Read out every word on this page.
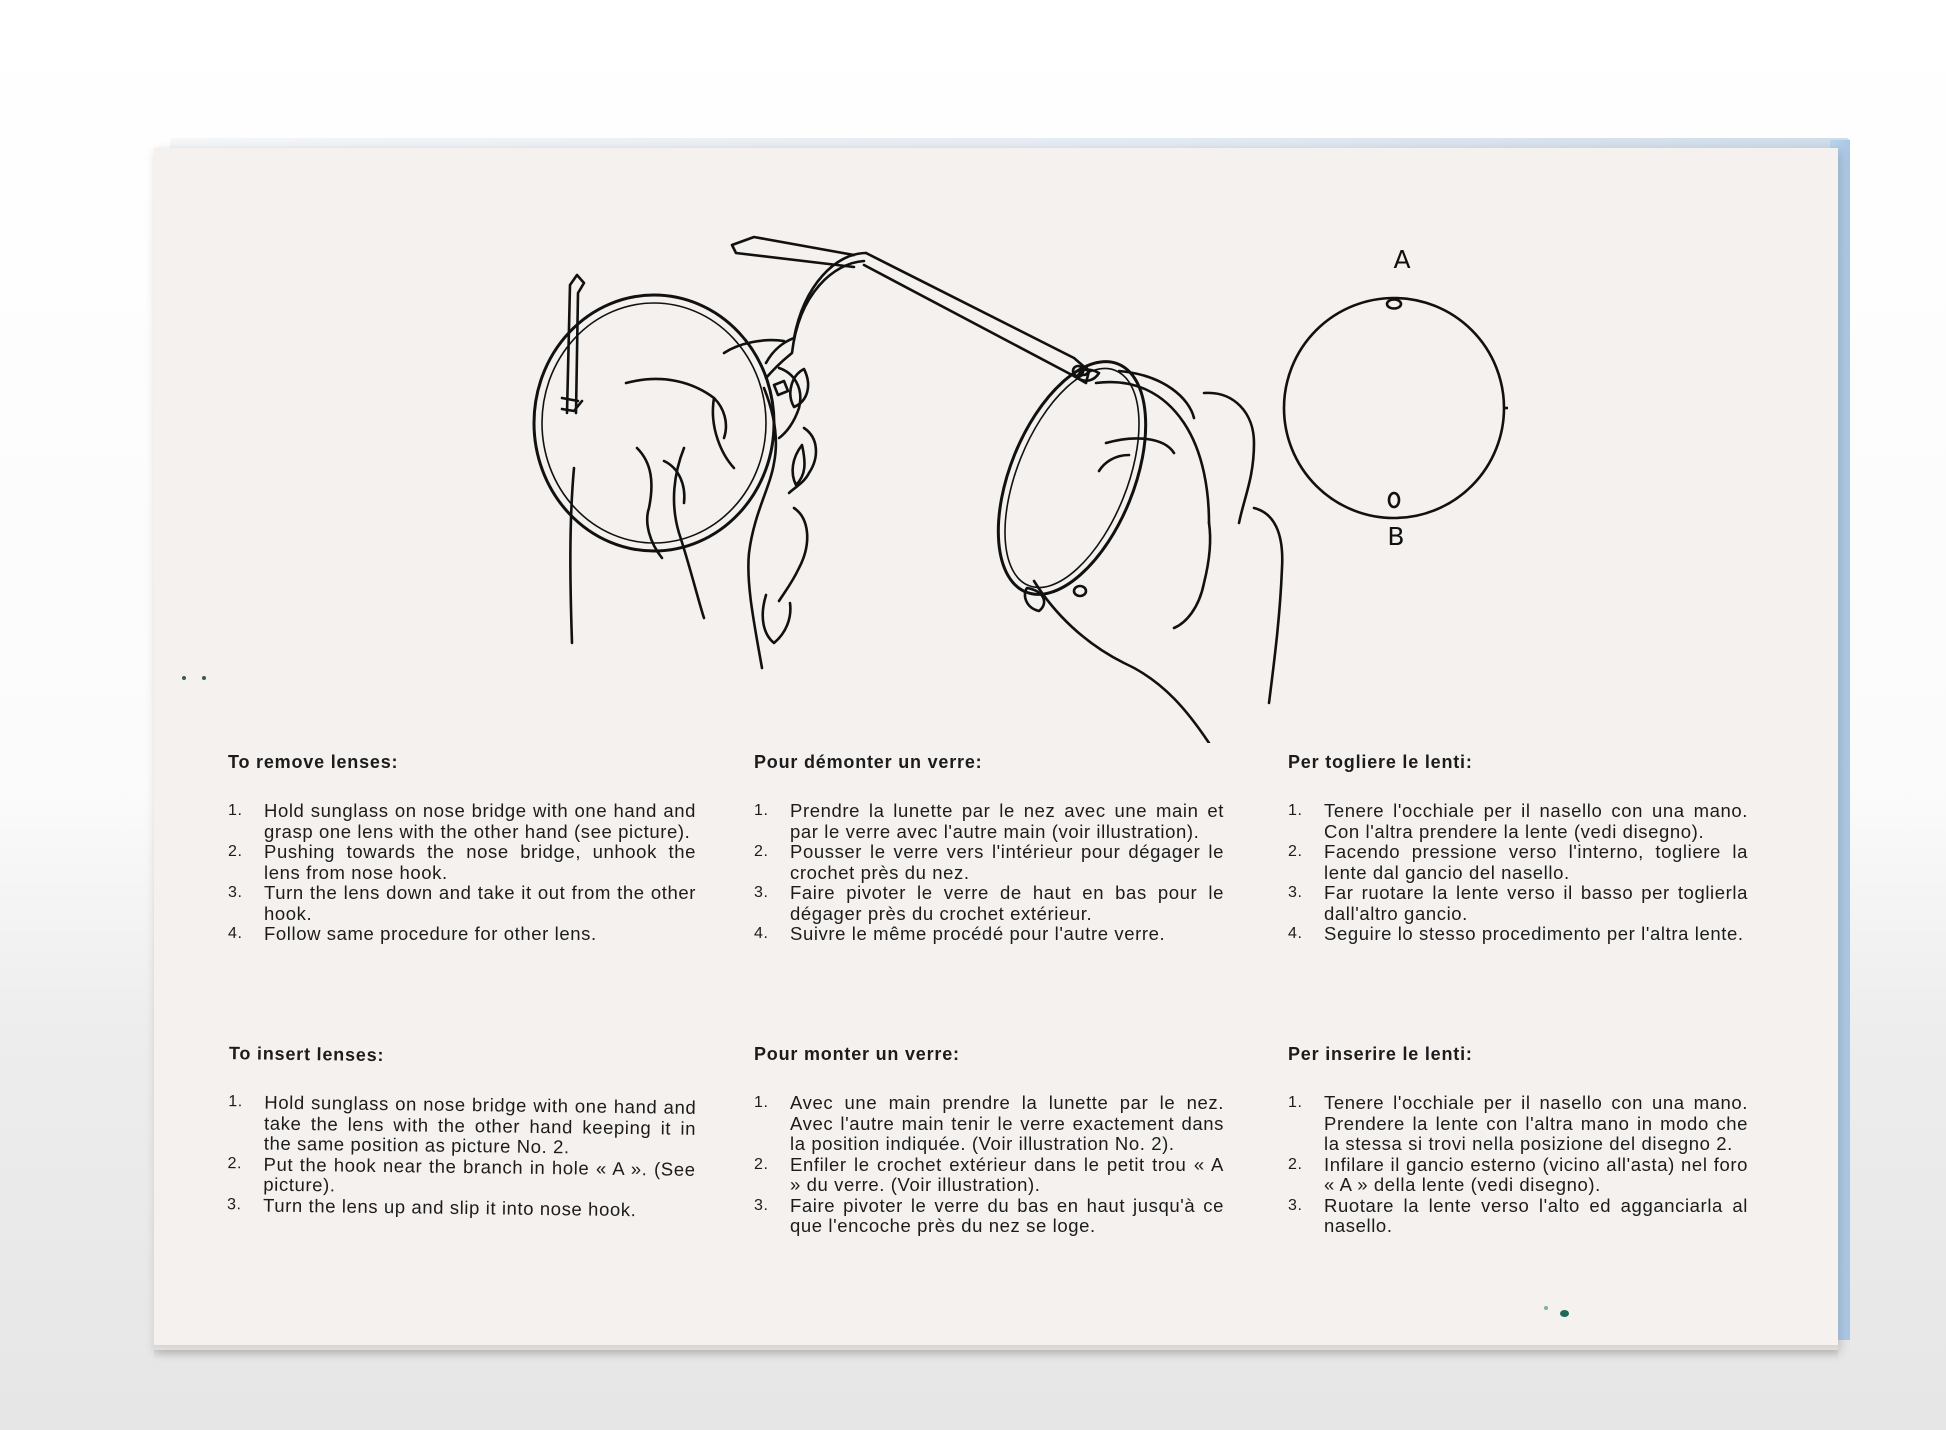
A
B
To remove lenses:
1.	Hold sunglass on nose bridge with one hand and grasp one lens with the other hand (see picture).
2.	Pushing towards the nose bridge, unhook the lens from nose hook.
3.	Turn the lens down and take it out from the other hook.
4.	Follow same procedure for other lens.
To insert lenses:
1.	Hold sunglass on nose bridge with one hand and take the lens with the other hand keeping it in the same position as picture No. 2.
2.	Put the hook near the branch in hole « A ». (See picture).
3.	Turn the lens up and slip it into nose hook.
Pour démonter un verre:
1.	Prendre la lunette par le nez avec une main et par le verre avec l'autre main (voir illustration).
2.	Pousser le verre vers l'intérieur pour dégager le crochet près du nez.
3.	Faire pivoter le verre de haut en bas pour le dégager près du crochet extérieur.
4.	Suivre le même procédé pour l'autre verre.
Pour monter un verre:
1.	Avec une main prendre la lunette par le nez. Avec l'autre main tenir le verre exactement dans la position indiquée. (Voir illustration No. 2).
2.	Enfiler le crochet extérieur dans le petit trou « A » du verre. (Voir illustration).
3.	Faire pivoter le verre du bas en haut jusqu'à ce que l'encoche près du nez se loge.
Per togliere le lenti:
1.	Tenere l'occhiale per il nasello con una mano. Con l'altra prendere la lente (vedi disegno).
2.	Facendo pressione verso l'interno, togliere la lente dal gancio del nasello.
3.	Far ruotare la lente verso il basso per toglierla dall'altro gancio.
4.	Seguire lo stesso procedimento per l'altra lente.
Per inserire le lenti:
1.	Tenere l'occhiale per il nasello con una mano. Prendere la lente con l'altra mano in modo che la stessa si trovi nella posizione del disegno 2.
2.	Infilare il gancio esterno (vicino all'asta) nel foro « A » della lente (vedi disegno).
3.	Ruotare la lente verso l'alto ed agganciarla al nasello.
